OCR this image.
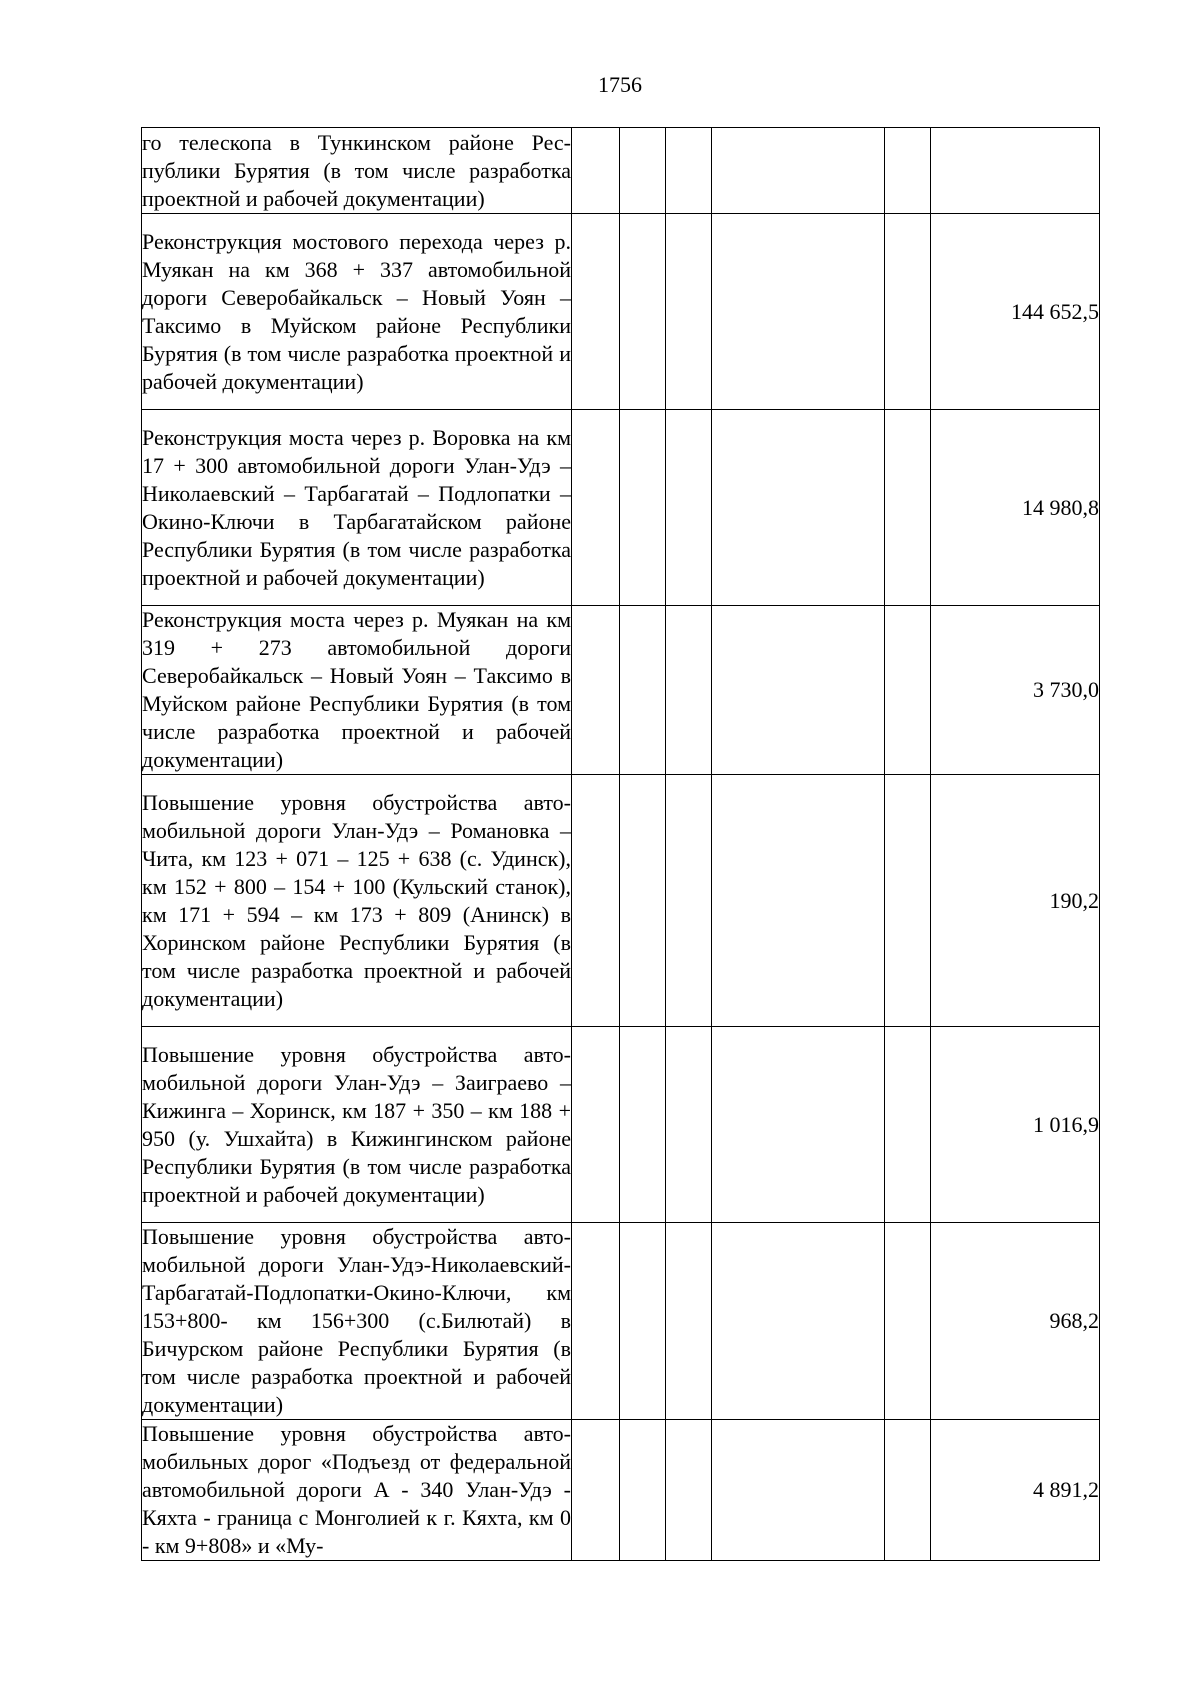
1756
го телескопа в Тункинском районе Республики Бурятия (в том числе разработка проектной и рабочей документации)						
Реконструкция мостового перехода через р. Муякан на км 368 + 337 автомобильной дороги Северобайкальск – Новый Уоян – Таксимо в Муйском районе Республики Бурятия (в том числе разработка проектной и рабочей документации)						144 652,5
Реконструкция моста через р. Воровка на км 17 + 300 автомобильной дороги Улан-Удэ – Николаевский – Тарбагатай – Подлопатки – Окино-Ключи в Тарбагатайском районе Республики Бурятия (в том числе разработка проектной и рабочей документации)						14 980,8
Реконструкция моста через р. Муякан на км 319 + 273 автомобильной дороги Северобайкальск – Новый Уоян – Таксимо в Муйском районе Республики Бурятия (в том числе разработка проектной и рабочей документации)						3 730,0
Повышение уровня обустройства автомобильной дороги Улан-Удэ – Романовка – Чита, км 123 + 071 – 125 + 638 (с. Удинск), км 152 + 800 – 154 + 100 (Кульский станок), км 171 + 594 – км 173 + 809 (Анинск) в Хоринском районе Республики Бурятия (в том числе разработка проектной и рабочей документации)						190,2
Повышение уровня обустройства автомобильной дороги Улан-Удэ – Заиграево – Кижинга – Хоринск, км 187 + 350 – км 188 + 950 (у. Ушхайта) в Кижингинском районе Республики Бурятия (в том числе разработка проектной и рабочей документации)						1 016,9
Повышение уровня обустройства автомобильной дороги Улан-Удэ-Николаевский-Тарбагатай-Подлопатки-Окино-Ключи, км 153+800- км 156+300 (с.Билютай) в Бичурском районе Республики Бурятия (в том числе разработка проектной и рабочей документации)						968,2
Повышение уровня обустройства автомобильных дорог «Подъезд от федеральной автомобильной дороги А - 340 Улан-Удэ - Кяхта - граница с Монголией к г. Кяхта, км 0 - км 9+808» и «Му-						4 891,2
